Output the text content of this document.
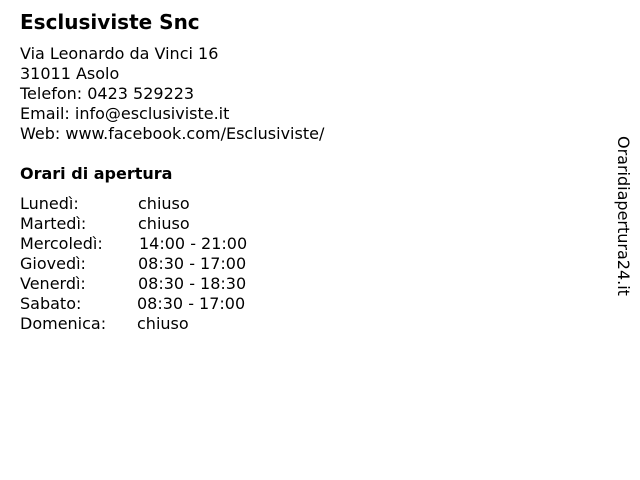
Esclusiviste Snc
Via Leonardo da Vinci 16
31011 Asolo
Telefon: 0423 529223
Email: info@esclusiviste.it
Web: www.facebook.com/Esclusiviste/
Orari di apertura
Lunedì:	chiuso
Martedì:	chiuso
Mercoledì: 14:00 - 21:00
Giovedì:	08:30 - 17:00
Venerdì:	08:30 - 18:30
Sabato:	08:30 - 17:00
Domenica: chiuso
Oraridiapertura24.it
